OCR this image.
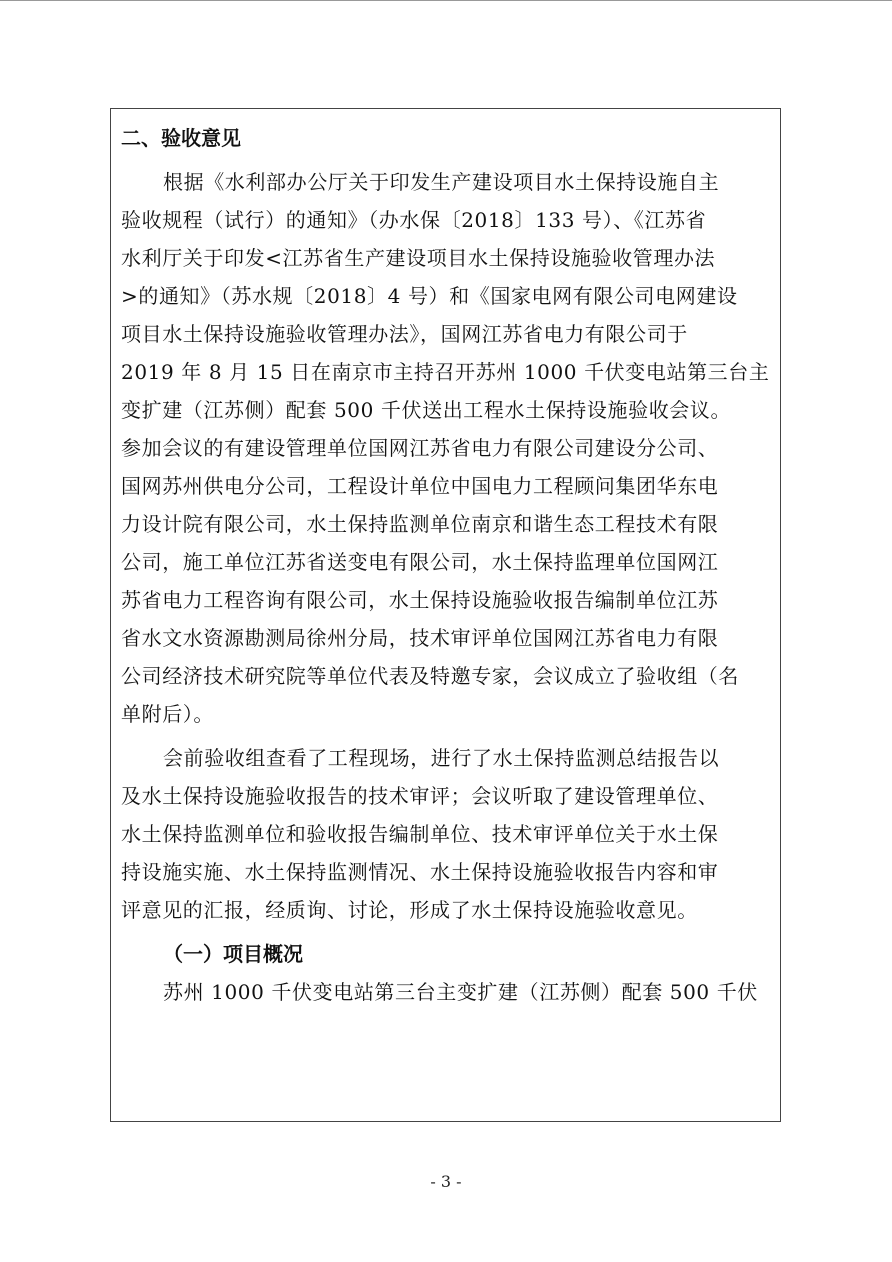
二、验收意见
根据《水利部办公厅关于印发生产建设项目水土保持设施自主
验收规程（试行）的通知》（办水保〔2018〕133 号）、《江苏省
水利厅关于印发<江苏省生产建设项目水土保持设施验收管理办法
>的通知》（苏水规〔2018〕4 号）和《国家电网有限公司电网建设
项目水土保持设施验收管理办法》，国网江苏省电力有限公司于
2019 年 8 月 15 日在南京市主持召开苏州 1000 千伏变电站第三台主
变扩建（江苏侧）配套 500 千伏送出工程水土保持设施验收会议。
参加会议的有建设管理单位国网江苏省电力有限公司建设分公司、
国网苏州供电分公司，工程设计单位中国电力工程顾问集团华东电
力设计院有限公司，水土保持监测单位南京和谐生态工程技术有限
公司，施工单位江苏省送变电有限公司，水土保持监理单位国网江
苏省电力工程咨询有限公司，水土保持设施验收报告编制单位江苏
省水文水资源勘测局徐州分局，技术审评单位国网江苏省电力有限
公司经济技术研究院等单位代表及特邀专家，会议成立了验收组（名
单附后）。
会前验收组查看了工程现场，进行了水土保持监测总结报告以
及水土保持设施验收报告的技术审评；会议听取了建设管理单位、
水土保持监测单位和验收报告编制单位、技术审评单位关于水土保
持设施实施、水土保持监测情况、水土保持设施验收报告内容和审
评意见的汇报，经质询、讨论，形成了水土保持设施验收意见。
（一）项目概况
苏州 1000 千伏变电站第三台主变扩建（江苏侧）配套 500 千伏
- 3 -
